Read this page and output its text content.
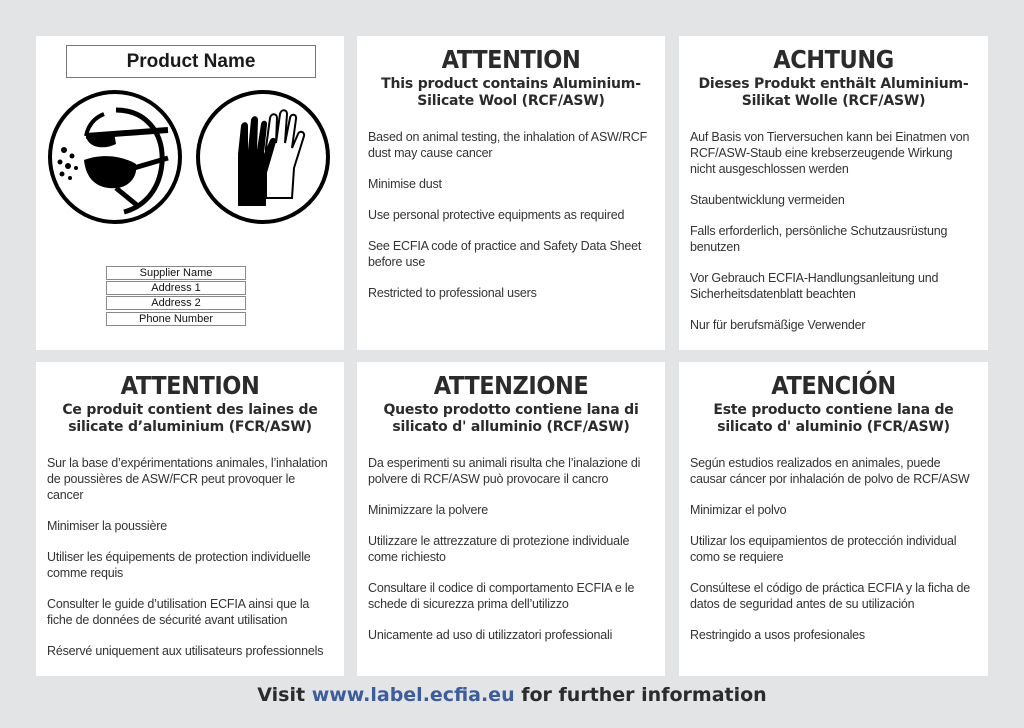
Product Name
Supplier Name
Address 1
Address 2
Phone Number
ATTENTION
This product contains Aluminium-Silicate Wool (RCF/ASW)
Based on animal testing, the inhalation of ASW/RCF dust may cause cancer
Minimise dust
Use personal protective equipments as required
See ECFIA code of practice and Safety Data Sheet before use
Restricted to professional users
ACHTUNG
Dieses Produkt enthält Aluminium-Silikat Wolle (RCF/ASW)
Auf Basis von Tierversuchen kann bei Einatmen von RCF/ASW-Staub eine krebserzeugende Wirkung nicht ausgeschlossen werden
Staubentwicklung vermeiden
Falls erforderlich, persönliche Schutzausrüstung benutzen
Vor Gebrauch ECFIA-Handlungsanleitung und Sicherheitsdatenblatt beachten
Nur für berufsmäßige Verwender
ATTENTION
Ce produit contient des laines de silicate d’aluminium (FCR/ASW)
Sur la base d’expérimentations animales, l’inhalation de poussières de ASW/FCR peut provoquer le cancer
Minimiser la poussière
Utiliser les équipements de protection individuelle comme requis
Consulter le guide d’utilisation ECFIA ainsi que la fiche de données de sécurité avant utilisation
Réservé uniquement aux utilisateurs professionnels
ATTENZIONE
Questo prodotto contiene lana di silicato d' alluminio (RCF/ASW)
Da esperimenti su animali risulta che l’inalazione di polvere di RCF/ASW può provocare il cancro
Minimizzare la polvere
Utilizzare le attrezzature di protezione individuale come richiesto
Consultare il codice di comportamento ECFIA e le schede di sicurezza prima dell’utilizzo
Unicamente ad uso di utilizzatori professionali
ATENCIÓN
Este producto contiene lana de silicato d' aluminio (FCR/ASW)
Según estudios realizados en animales, puede causar cáncer por inhalación de polvo de RCF/ASW
Minimizar el polvo
Utilizar los equipamientos de protección individual como se requiere
Consúltese el código de práctica ECFIA y la ficha de datos de seguridad antes de su utilización
Restringido a usos profesionales
Visit www.label.ecfia.eu for further information
